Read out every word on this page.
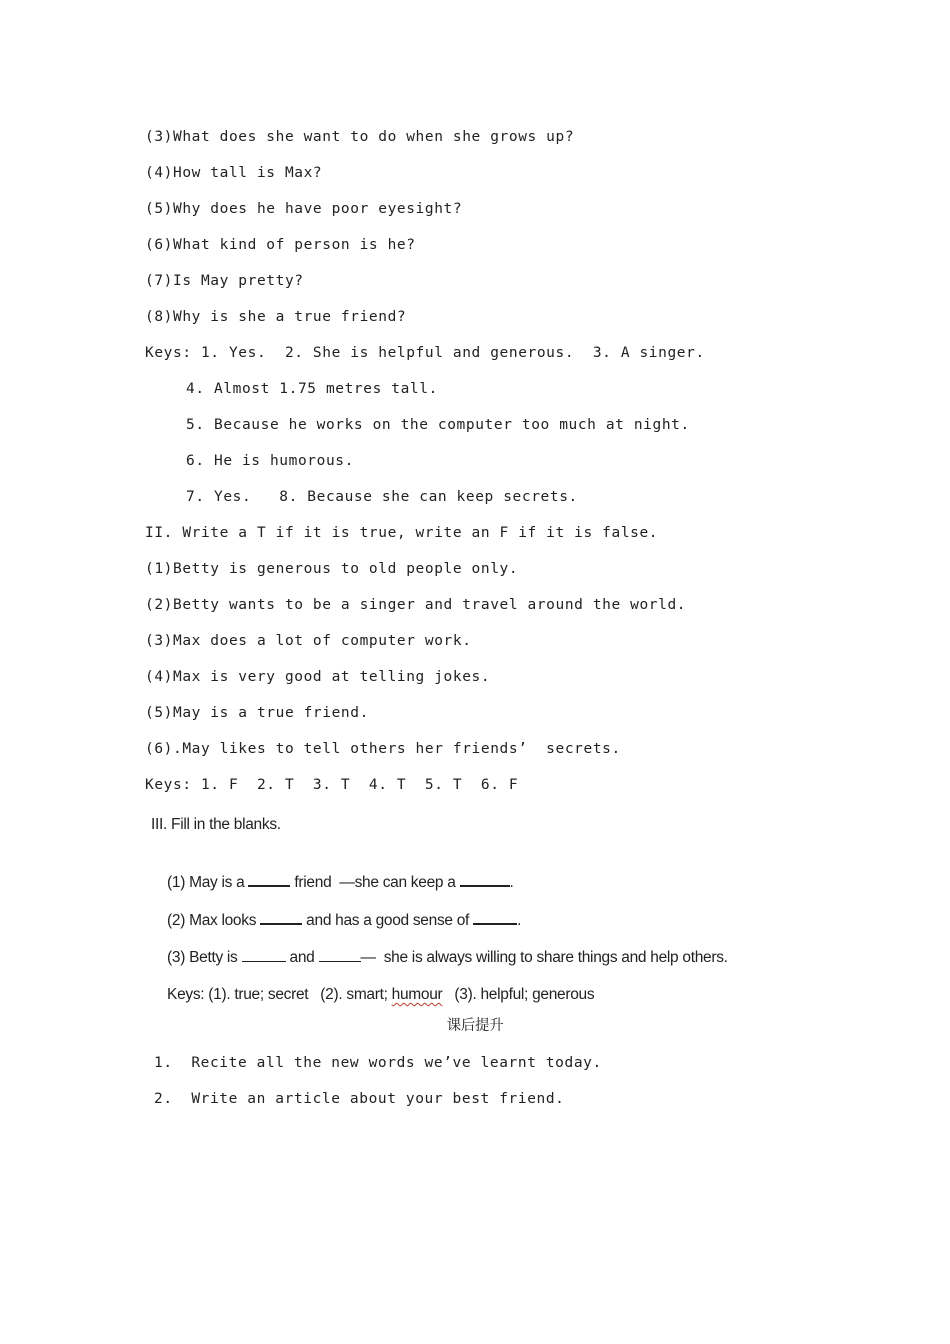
(3)What does she want to do when she grows up?
(4)How tall is Max?
(5)Why does he have poor eyesight?
(6)What kind of person is he?
(7)Is May pretty?
(8)Why is she a true friend?
Keys: 1. Yes.  2. She is helpful and generous.  3. A singer.
4. Almost 1.75 metres tall.
5. Because he works on the computer too much at night.
6. He is humorous.
7. Yes.   8. Because she can keep secrets.
II. Write a T if it is true, write an F if it is false.
(1)Betty is generous to old people only.
(2)Betty wants to be a singer and travel around the world.
(3)Max does a lot of computer work.
(4)Max is very good at telling jokes.
(5)May is a true friend.
(6).May likes to tell others her friends’  secrets.
Keys: 1. F  2. T  3. T  4. T  5. T  6. F
III. Fill in the blanks.

(1) May is a	friend  —she can keep a	.

(2) Max looks	and has a good sense of	.

(3) Betty is	and	—  she is always willing to share things and help others.

Keys: (1). true; secret   (2). smart; humour   (3). helpful; generous

课后提升
1.  Recite all the new words we’ve learnt today.
2.  Write an article about your best friend.
